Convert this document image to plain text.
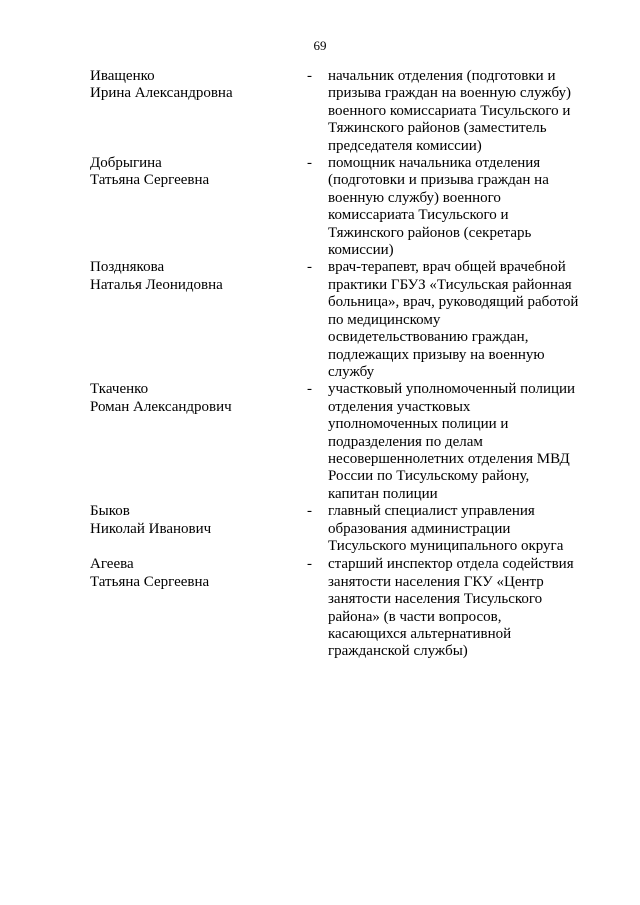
69
Иващенко
Ирина Александровна
- начальник отделения (подготовки и
призыва граждан на военную службу)
военного комиссариата Тисульского и
Тяжинского районов (заместитель
председателя комиссии)
Добрыгина
Татьяна Сергеевна
- помощник начальника отделения
(подготовки и призыва граждан на
военную службу) военного
комиссариата Тисульского и
Тяжинского районов (секретарь
комиссии)
Позднякова
Наталья Леонидовна
- врач-терапевт, врач общей врачебной
практики ГБУЗ «Тисульская районная
больница», врач, руководящий работой
по медицинскому
освидетельствованию граждан,
подлежащих призыву на военную
службу
Ткаченко
Роман Александрович
- участковый уполномоченный полиции
отделения участковых
уполномоченных полиции и
подразделения по делам
несовершеннолетних отделения МВД
России по Тисульскому району,
капитан полиции
Быков
Николай Иванович
- главный специалист управления
образования администрации
Тисульского муниципального округа
Агеева
Татьяна Сергеевна
- старший инспектор отдела содействия
занятости населения ГКУ «Центр
занятости населения Тисульского
района» (в части вопросов,
касающихся альтернативной
гражданской службы)
